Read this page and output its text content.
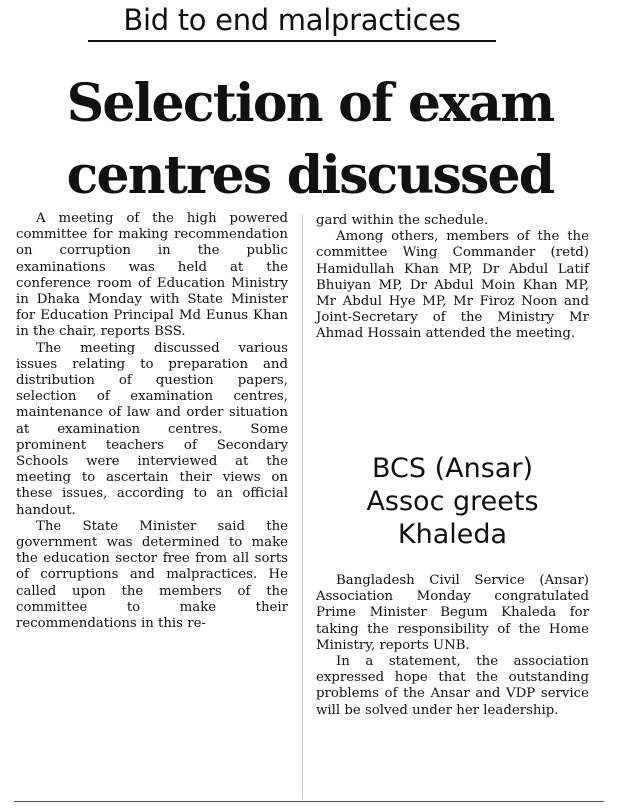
Bid to end malpractices
Selection of exam
centres discussed

A meeting of the high powered committee for making recommendation on corruption in the public examinations was held at the conference room of Education Ministry in Dhaka Monday with State Minister for Education Principal Md Eunus Khan in the chair, reports BSS.

The meeting discussed various issues relating to preparation and distribution of question papers, selection of examination centres, maintenance of law and order situation at examination centres. Some prominent teachers of Secondary Schools were interviewed at the meeting to ascertain their views on these issues, according to an official handout.

The State Minister said the government was determined to make the education sector free from all sorts of corruptions and malpractices. He called upon the members of the committee to make their recommendations in this re-

gard within the schedule.

Among others, members of the the committee Wing Commander (retd) Hamidullah Khan MP, Dr Abdul Latif Bhuiyan MP, Dr Abdul Moin Khan MP, Mr Abdul Hye MP, Mr Firoz Noon and Joint-Secretary of the Ministry Mr Ahmad Hossain attended the meeting.

BCS (Ansar)
Assoc greets
Khaleda

Bangladesh Civil Service (Ansar) Association Monday congratulated Prime Minister Begum Khaleda for taking the responsibility of the Home Ministry, reports UNB.

In a statement, the association expressed hope that the outstanding problems of the Ansar and VDP service will be solved under her leadership.
